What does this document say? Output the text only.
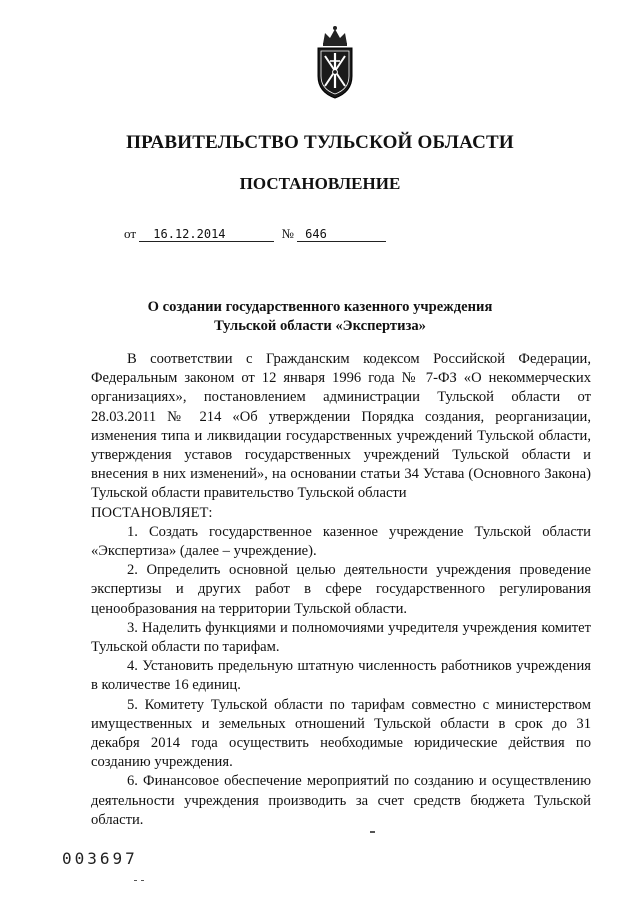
ПРАВИТЕЛЬСТВО ТУЛЬСКОЙ ОБЛАСТИ
ПОСТАНОВЛЕНИЕ
от 16.12.2014	№ 646
О создании государственного казенного учреждения
Тульской области «Экспертиза»

В соответствии с Гражданским кодексом Российской Федерации, Федеральным законом от 12 января 1996 года № 7-ФЗ «О некоммерческих организациях», постановлением администрации Тульской области от 28.03.2011 № 214 «Об утверждении Порядка создания, реорганизации, изменения типа и ликвидации государственных учреждений Тульской области, утверждения уставов государственных учреждений Тульской области и внесения в них изменений», на основании статьи 34 Устава (Основного Закона) Тульской области правительство Тульской области

ПОСТАНОВЛЯЕТ:

1. Создать государственное казенное учреждение Тульской области «Экспертиза» (далее – учреждение).

2. Определить основной целью деятельности учреждения проведение экспертизы и других работ в сфере государственного регулирования ценообразования на территории Тульской области.

3. Наделить функциями и полномочиями учредителя учреждения комитет Тульской области по тарифам.

4. Установить предельную штатную численность работников учреждения в количестве 16 единиц.

5. Комитету Тульской области по тарифам совместно с министерством имущественных и земельных отношений Тульской области в срок до 31 декабря 2014 года осуществить необходимые юридические действия по созданию учреждения.

6. Финансовое обеспечение мероприятий по созданию и осуществлению деятельности учреждения производить за счет средств бюджета Тульской области.

003697
